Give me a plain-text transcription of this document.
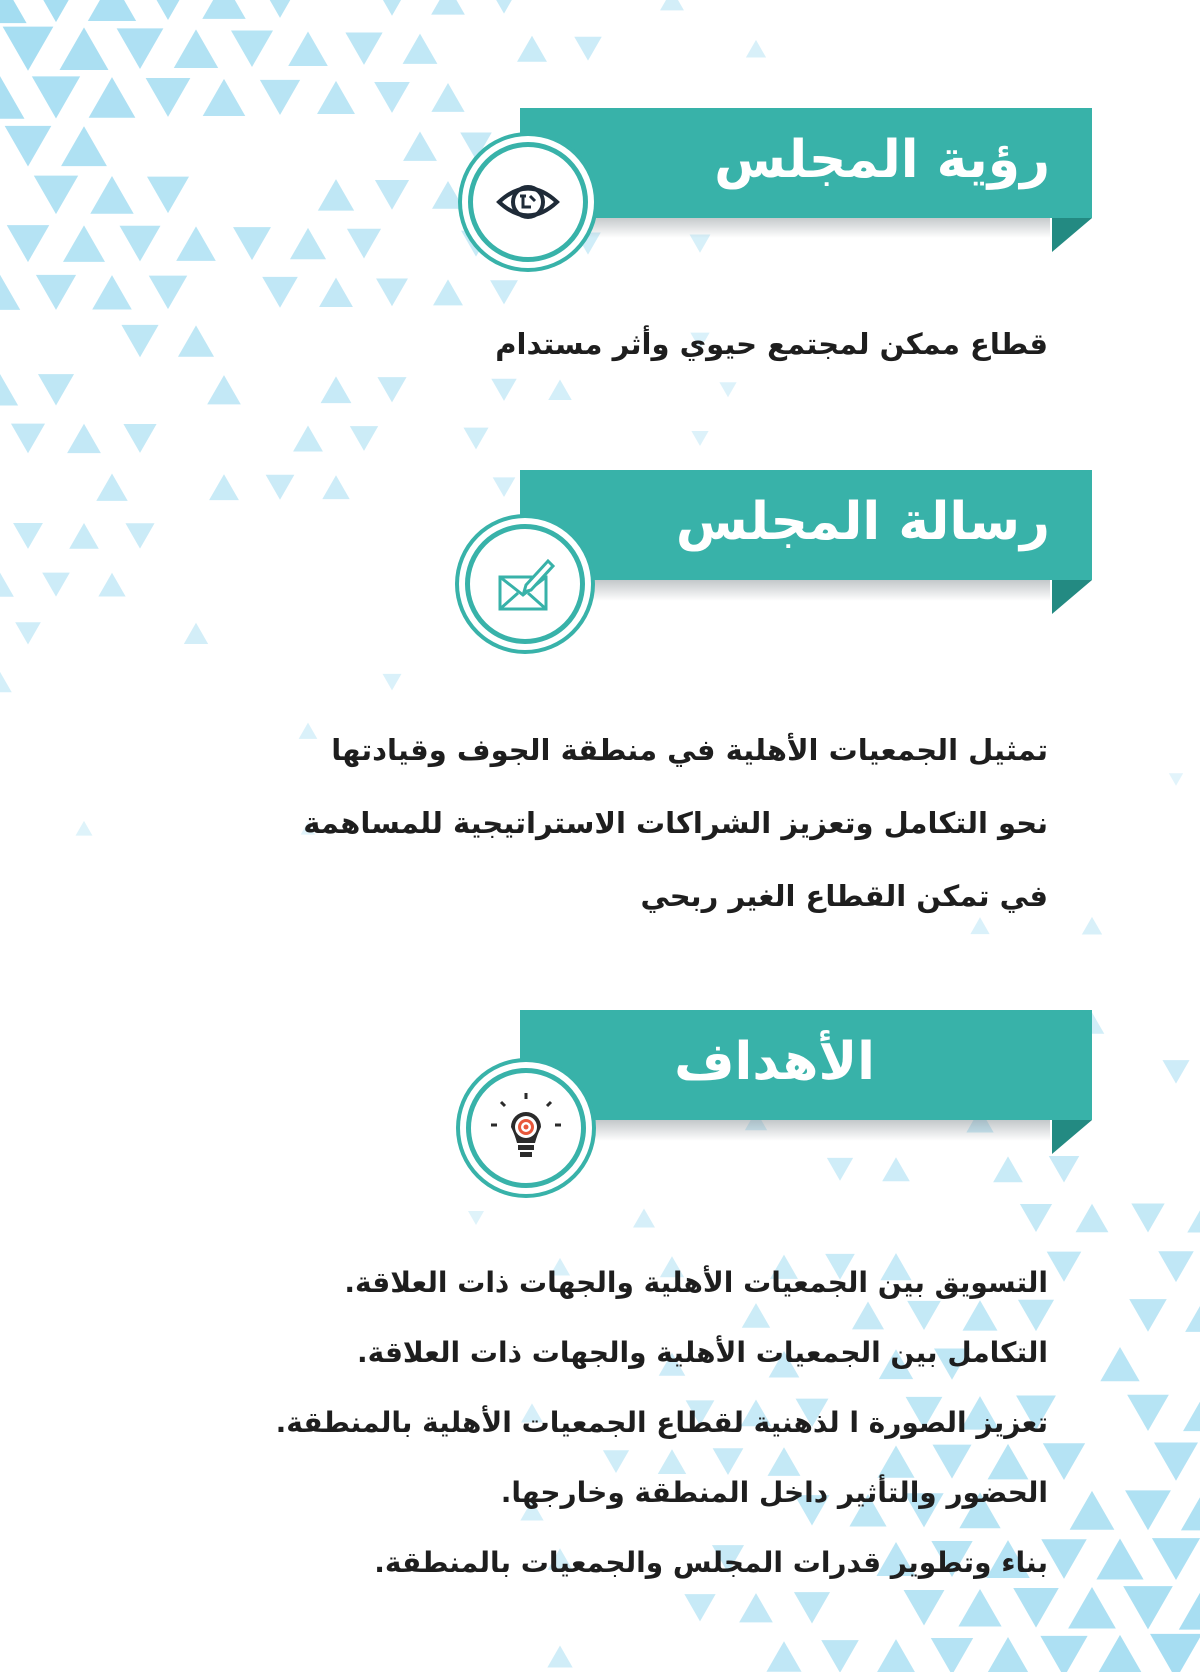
رؤية المجلس

قطاع ممكن لمجتمع حيوي وأثر مستدام

رسالة المجلس

تمثيل الجمعيات الأهلية في منطقة الجوف وقيادتها

نحو التكامل وتعزيز الشراكات الاستراتيجية للمساهمة

في تمكن القطاع الغير ربحي

الأهداف

التسويق بين الجمعيات الأهلية والجهات ذات العلاقة.

التكامل بين الجمعيات الأهلية والجهات ذات العلاقة.

تعزيز الصورة ا لذهنية لقطاع الجمعيات الأهلية بالمنطقة.

الحضور والتأثير داخل المنطقة وخارجها.

بناء وتطوير قدرات المجلس والجمعيات بالمنطقة.
